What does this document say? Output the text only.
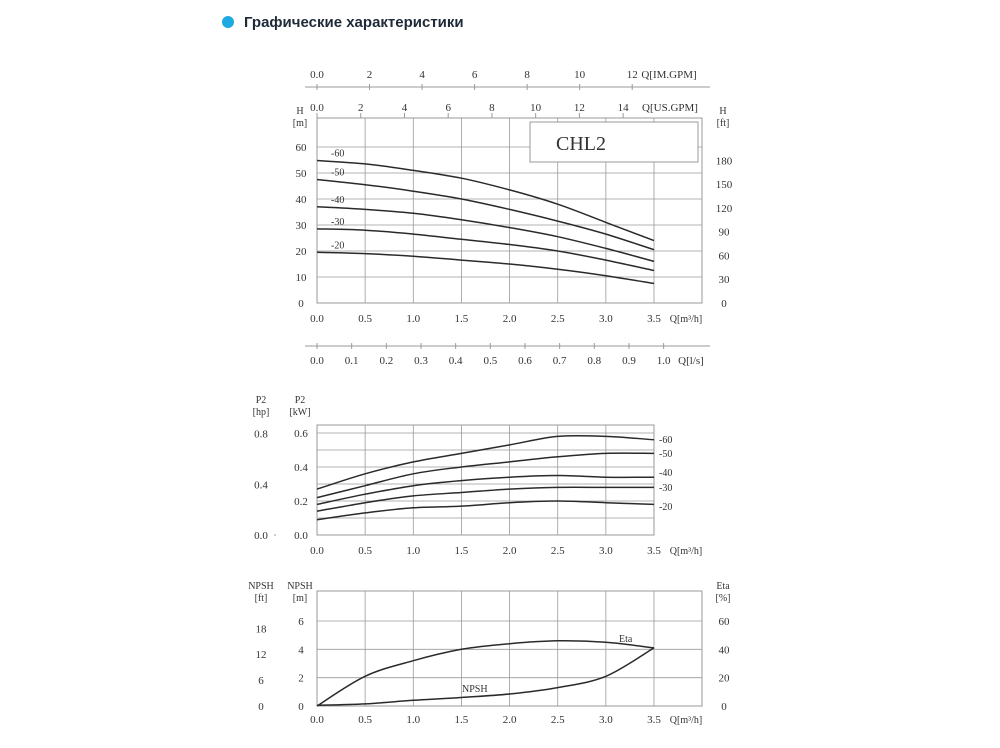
Графические характеристики
0
10
20
30
40
50
60
0
30
60
90
120
150
180
0.0	0.5	1.0	1.5	2.0	2.5	3.0	3.5 Q[m³/h]
H
[m]
H
[ft]
CHL2
0.0	2	4	6	8	10	12 Q[IM.GPM]
0.0	2	4	6	8	10	12	14 Q[US.GPM]
0.0 0.1 0.2 0.3 0.4 0.5 0.6 0.7 0.8 0.9 1.0 Q[l/s]
-60
-50
-40
-30
-20
0.0
0.2
0.4
0.6
0.0
0.4
0.8
0.0	0.5	1.0	1.5	2.0	2.5	3.0	3.5 Q[m³/h]
P2
[hp]
P2
[kW]
-60
-50
-40
-30
-20
0
2
4
6
0
6
12
18
0
20
40
60
0.0	0.5	1.0	1.5	2.0	2.5	3.0	3.5 Q[m³/h]
NPSH
[ft]
NPSH
[m]
Eta
[%]
Eta
NPSH
